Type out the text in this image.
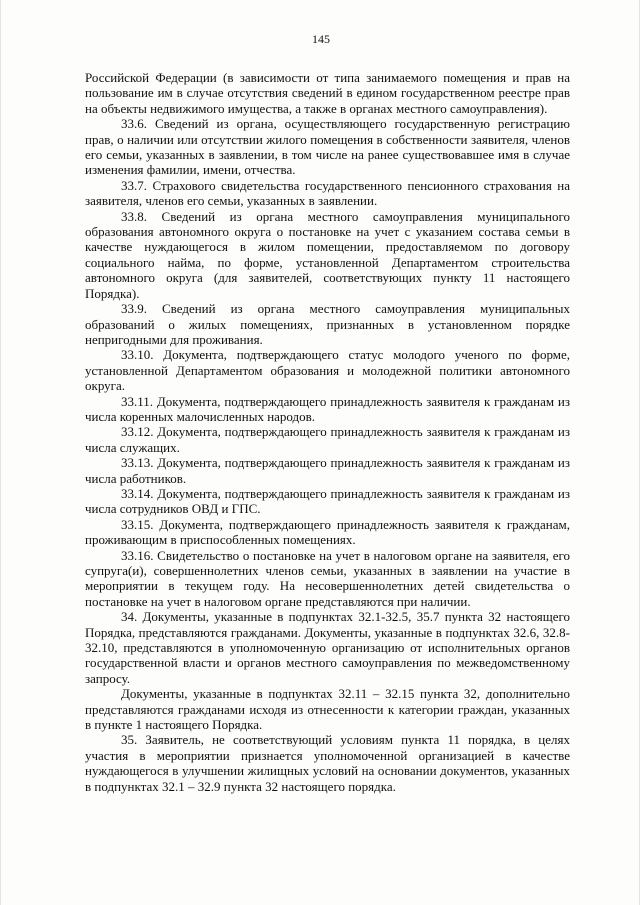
145

Российской Федерации (в зависимости от типа занимаемого помещения и прав на пользование им в случае отсутствия сведений в едином государственном реестре прав на объекты недвижимого имущества, а также в органах местного самоуправления).

33.6. Сведений из органа, осуществляющего государственную регистрацию прав, о наличии или отсутствии жилого помещения в собственности заявителя, членов его семьи, указанных в заявлении, в том числе на ранее существовавшее имя в случае изменения фамилии, имени, отчества.

33.7. Страхового свидетельства государственного пенсионного страхования на заявителя, членов его семьи, указанных в заявлении.

33.8. Сведений из органа местного самоуправления муниципального образования автономного округа о постановке на учет с указанием состава семьи в качестве нуждающегося в жилом помещении, предоставляемом по договору социального найма, по форме, установленной Департаментом строительства автономного округа (для заявителей, соответствующих пункту 11 настоящего Порядка).

33.9. Сведений из органа местного самоуправления муниципальных образований о жилых помещениях, признанных в установленном порядке непригодными для проживания.

33.10. Документа, подтверждающего статус молодого ученого по форме, установленной Департаментом образования и молодежной политики автономного округа.

33.11. Документа, подтверждающего принадлежность заявителя к гражданам из числа коренных малочисленных народов.

33.12. Документа, подтверждающего принадлежность заявителя к гражданам из числа служащих.

33.13. Документа, подтверждающего принадлежность заявителя к гражданам из числа работников.

33.14. Документа, подтверждающего принадлежность заявителя к гражданам из числа сотрудников ОВД и ГПС.

33.15. Документа, подтверждающего принадлежность заявителя к гражданам, проживающим в приспособленных помещениях.

33.16. Свидетельство о постановке на учет в налоговом органе на заявителя, его супруга(и), совершеннолетних членов семьи, указанных в заявлении на участие в мероприятии в текущем году. На несовершеннолетних детей свидетельства о постановке на учет в налоговом органе представляются при наличии.

34. Документы, указанные в подпунктах 32.1-32.5, 35.7 пункта 32 настоящего Порядка, представляются гражданами. Документы, указанные в подпунктах 32.6, 32.8-32.10, представляются в уполномоченную организацию от исполнительных органов государственной власти и органов местного самоуправления по межведомственному запросу.

Документы, указанные в подпунктах 32.11 – 32.15 пункта 32, дополнительно представляются гражданами исходя из отнесенности к категории граждан, указанных в пункте 1 настоящего Порядка.

35. Заявитель, не соответствующий условиям пункта 11 порядка, в целях участия в мероприятии признается уполномоченной организацией в качестве нуждающегося в улучшении жилищных условий на основании документов, указанных в подпунктах 32.1 – 32.9 пункта 32 настоящего порядка.
